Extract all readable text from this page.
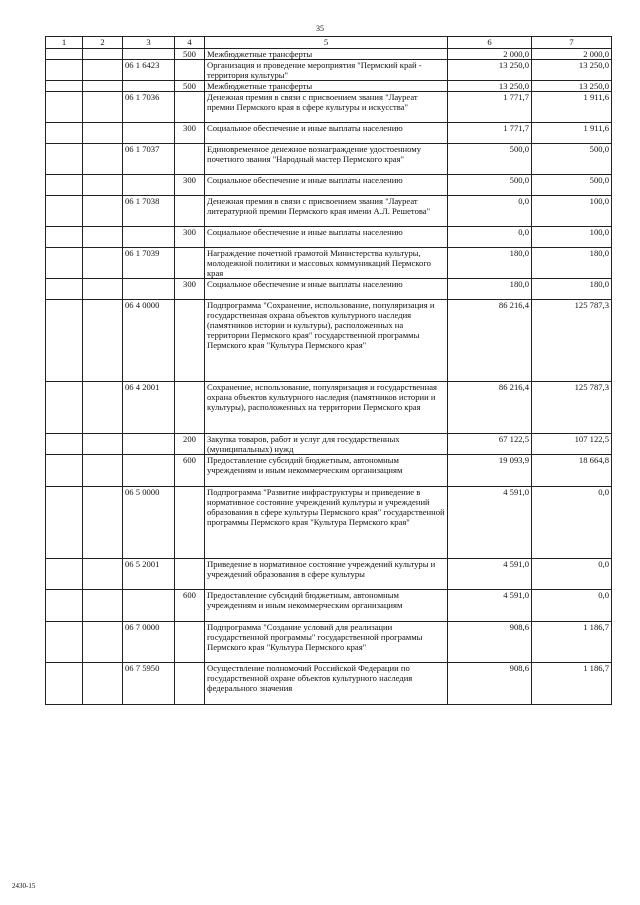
35
1	2	3	4	5	6	7
			500	Межбюджетные трансферты	2 000,0	2 000,0
		06 1 6423		Организация и проведение мероприятия "Пермский край - территория культуры"	13 250,0	13 250,0
			500	Межбюджетные трансферты	13 250,0	13 250,0
		06 1 7036		Денежная премия в связи с присвоением звания "Лауреат премии Пермского края в сфере культуры и искусства"	1 771,7	1 911,6
			300	Социальное обеспечение и иные выплаты населению	1 771,7	1 911,6
		06 1 7037		Единовременное денежное вознаграждение удостоенному почетного звания "Народный мастер Пермского края"	500,0	500,0
			300	Социальное обеспечение и иные выплаты населению	500,0	500,0
		06 1 7038		Денежная премия в связи с присвоением звания "Лауреат литературной премии Пермского края имени А.Л. Решетова"	0,0	100,0
			300	Социальное обеспечение и иные выплаты населению	0,0	100,0
		06 1 7039		Награждение почетной грамотой Министерства культуры, молодежной политики и массовых коммуникаций Пермского края	180,0	180,0
			300	Социальное обеспечение и иные выплаты населению	180,0	180,0
		06 4 0000		Подпрограмма "Сохранение, использование, популяризация и государственная охрана объектов культурного наследия (памятников истории и культуры), расположенных на территории Пермского края" государственной программы Пермского края "Культура Пермского края"	86 216,4	125 787,3
		06 4 2001		Сохранение, использование, популяризация и государственная охрана объектов культурного наследия (памятников истории и культуры), расположенных на территории Пермского края	86 216,4	125 787,3
			200	Закупка товаров, работ и услуг для государственных (муниципальных) нужд	67 122,5	107 122,5
			600	Предоставление субсидий бюджетным, автономным учреждениям и иным некоммерческим организациям	19 093,9	18 664,8
		06 5 0000		Подпрограмма "Развитие инфраструктуры и приведение в нормативное состояние учреждений культуры и учреждений образования в сфере культуры Пермского края" государственной программы Пермского края "Культура Пермского края"	4 591,0	0,0
		06 5 2001		Приведение в нормативное состояние учреждений культуры и учреждений образования в сфере культуры	4 591,0	0,0
			600	Предоставление субсидий бюджетным, автономным учреждениям и иным некоммерческим организациям	4 591,0	0,0
		06 7 0000		Подпрограмма "Создание условий для реализации государственной программы" государственной программы Пермского края "Культура Пермского края"	908,6	1 186,7
		06 7 5950		Осуществление полномочий Российской Федерации по государственной охране объектов культурного наследия федерального значения	908,6	1 186,7
2430-15
